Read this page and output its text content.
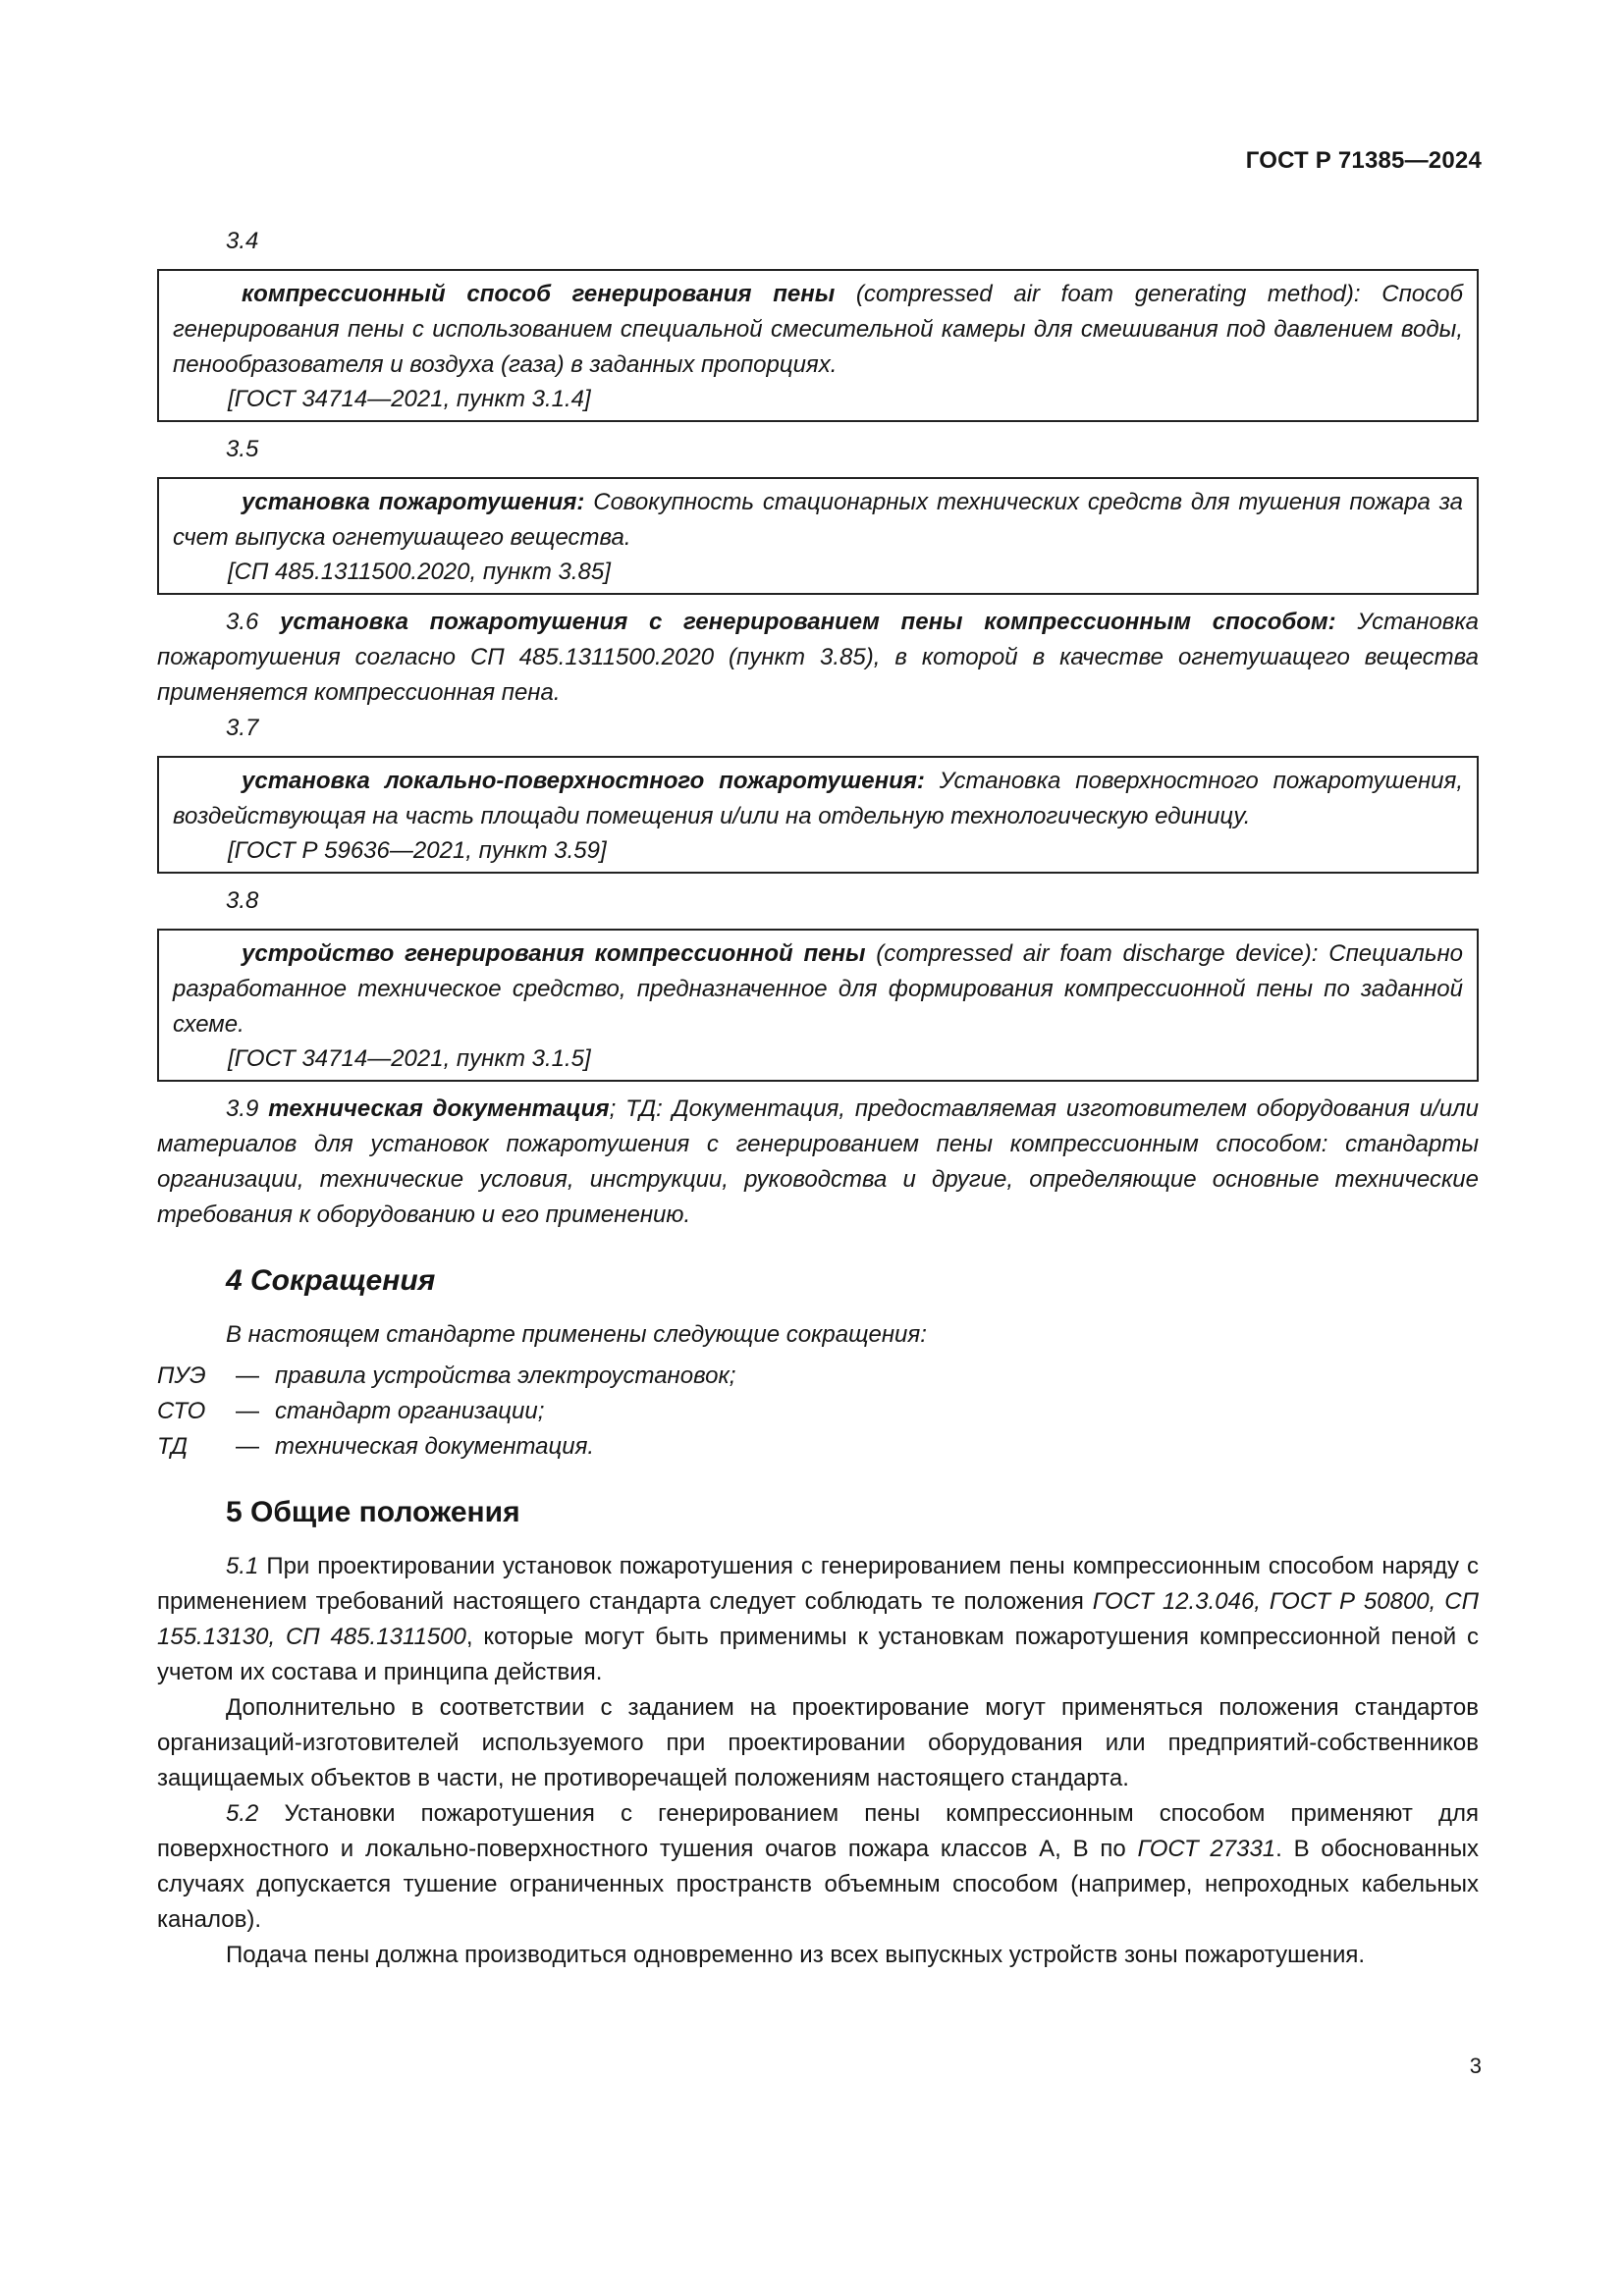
ГОСТ Р 71385—2024
3.4

компрессионный способ генерирования пены (compressed air foam generating method): Способ генерирования пены с использованием специальной смесительной камеры для смешивания под давлением воды, пенообразователя и воздуха (газа) в заданных пропорциях.

[ГОСТ 34714—2021, пункт 3.1.4]
3.5

установка пожаротушения: Совокупность стационарных технических средств для тушения пожара за счет выпуска огнетушащего вещества.

[СП 485.1311500.2020, пункт 3.85]

3.6 установка пожаротушения с генерированием пены компрессионным способом: Установка пожаротушения согласно СП 485.1311500.2020 (пункт 3.85), в которой в качестве огнетушащего вещества применяется компрессионная пена.

3.7

установка локально-поверхностного пожаротушения: Установка поверхностного пожаротушения, воздействующая на часть площади помещения и/или на отдельную технологическую единицу.

[ГОСТ Р 59636—2021, пункт 3.59]
3.8

устройство генерирования компрессионной пены (compressed air foam discharge device): Специально разработанное техническое средство, предназначенное для формирования компрессионной пены по заданной схеме.

[ГОСТ 34714—2021, пункт 3.1.5]

3.9 техническая документация; ТД: Документация, предоставляемая изготовителем оборудования и/или материалов для установок пожаротушения с генерированием пены компрессионным способом: стандарты организации, технические условия, инструкции, руководства и другие, определяющие основные технические требования к оборудованию и его применению.

4 Сокращения

В настоящем стандарте применены следующие сокращения:

ПУЭ	— правила устройства электроустановок;
СТО	— стандарт организации;
ТД	— техническая документация.
5 Общие положения

5.1 При проектировании установок пожаротушения с генерированием пены компрессионным способом наряду с применением требований настоящего стандарта следует соблюдать те положения ГОСТ 12.3.046, ГОСТ Р 50800, СП 155.13130, СП 485.1311500, которые могут быть применимы к установкам пожаротушения компрессионной пеной с учетом их состава и принципа действия.

Дополнительно в соответствии с заданием на проектирование могут применяться положения стандартов организаций-изготовителей используемого при проектировании оборудования или предприятий-собственников защищаемых объектов в части, не противоречащей положениям настоящего стандарта.

5.2 Установки пожаротушения с генерированием пены компрессионным способом применяют для поверхностного и локально-поверхностного тушения очагов пожара классов А, В по ГОСТ 27331. В обоснованных случаях допускается тушение ограниченных пространств объемным способом (например, непроходных кабельных каналов).

Подача пены должна производиться одновременно из всех выпускных устройств зоны пожаротушения.

3
